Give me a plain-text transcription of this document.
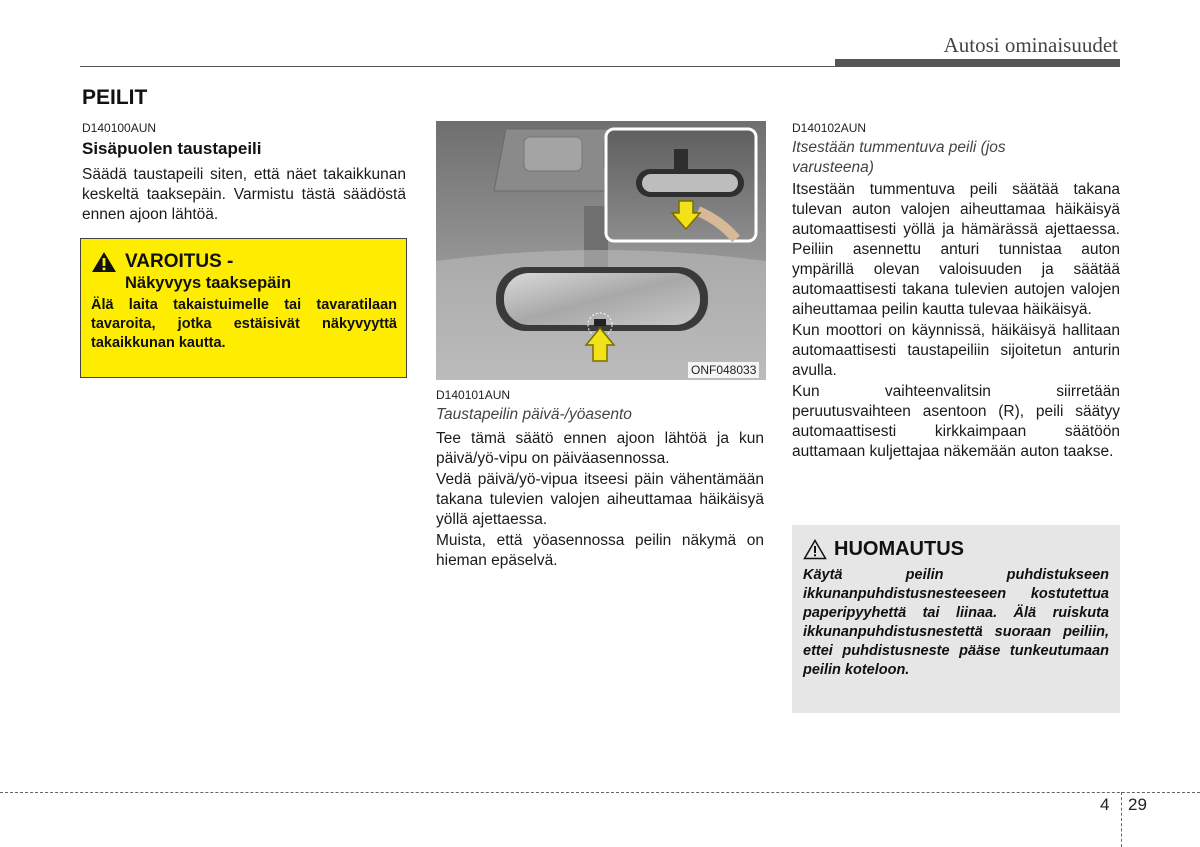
Autosi ominaisuudet
PEILIT
D140100AUN
Sisäpuolen taustapeili

Säädä taustapeili siten, että näet takaikkunan keskeltä taaksepäin. Varmistu tästä säädöstä ennen ajoon lähtöä.

VAROITUS -
Näkyvyys taaksepäin
Älä laita takaistuimelle tai tavaratilaan tavaroita, jotka estäisivät näkyvyyttä takaikkunan kautta.
ONF048033
D140101AUN
Taustapeilin päivä-/yöasento

Tee tämä säätö ennen ajoon lähtöä ja kun päivä/yö-vipu on päiväasennossa.

Vedä päivä/yö-vipua itseesi päin vähentämään takana tulevien valojen aiheuttamaa häikäisyä yöllä ajettaessa.

Muista, että yöasennossa peilin näkymä on hieman epäselvä.

D140102AUN
Itsestään tummentuva peili (jos varusteena)

Itsestään tummentuva peili säätää takana tulevan auton valojen aiheuttamaa häikäisyä automaattisesti yöllä ja hämärässä ajettaessa. Peiliin asennettu anturi tunnistaa auton ympärillä olevan valoisuuden ja säätää automaattisesti takana tulevien autojen valojen aiheuttamaa peilin kautta tulevaa häikäisyä.

Kun moottori on käynnissä, häikäisyä hallitaan automaattisesti taustapeiliin sijoitetun anturin avulla.

Kun vaihteenvalitsin siirretään peruutusvaihteen asentoon (R), peili säätyy automaattisesti kirkkaimpaan säätöön auttamaan kuljettajaa näkemään auton taakse.

HUOMAUTUS
Käytä peilin puhdistukseen ikkunanpuhdistusnesteeseen kostutettua paperipyyhettä tai liinaa. Älä ruiskuta ikkunanpuhdistusnestettä suoraan peiliin, ettei puhdistusneste pääse tunkeutumaan peilin koteloon.
4 29
